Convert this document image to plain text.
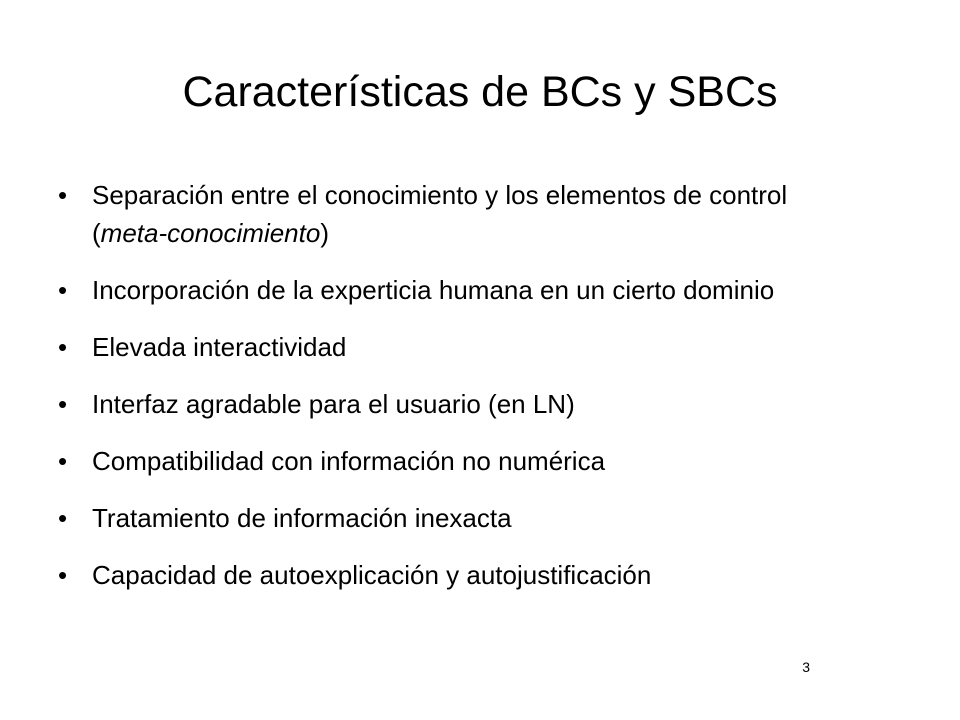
Características de BCs y SBCs
• Separación entre el conocimiento y los elementos de control (meta-conocimiento)
• Incorporación de la experticia humana en un cierto dominio
• Elevada interactividad
• Interfaz agradable para el usuario (en LN)
• Compatibilidad con información no numérica
• Tratamiento de información inexacta
• Capacidad de autoexplicación y autojustificación
3
